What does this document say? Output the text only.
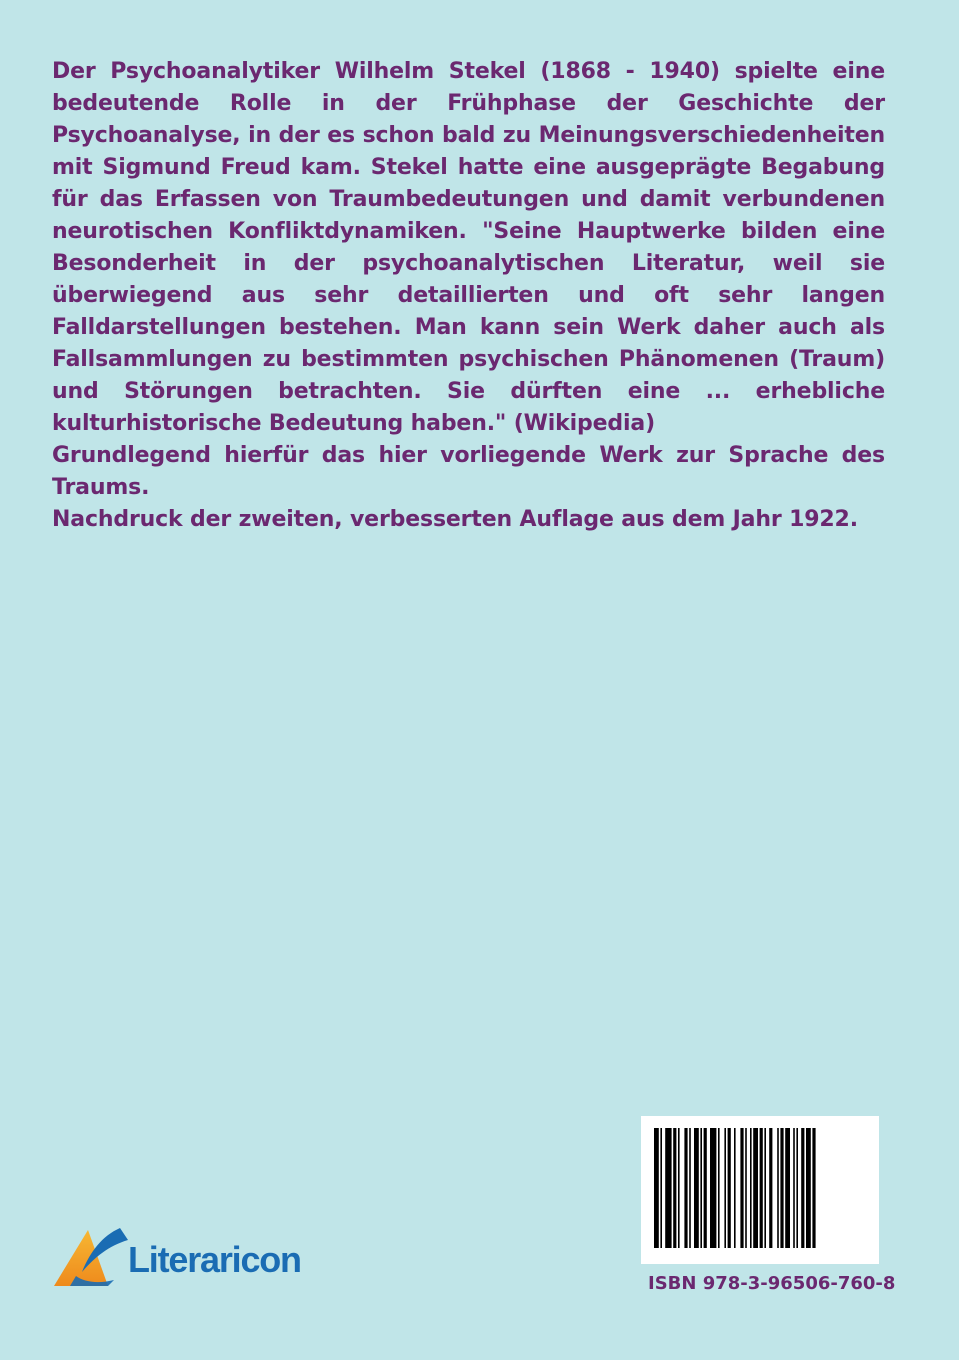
Der Psychoanalytiker Wilhelm Stekel (1868 - 1940) spielte eine bedeutende Rolle in der Frühphase der Geschichte der Psychoanalyse, in der es schon bald zu Meinungsverschiedenheiten mit Sigmund Freud kam. Stekel hatte eine ausgeprägte Begabung für das Erfassen von Traumbedeutungen und damit verbundenen neurotischen Konfliktdynamiken. "Seine Hauptwerke bilden eine Besonderheit in der psychoanalytischen Literatur, weil sie überwiegend aus sehr detaillierten und oft sehr langen Falldarstellungen bestehen. Man kann sein Werk daher auch als Fallsammlungen zu bestimmten psychischen Phänomenen (Traum) und Störungen betrachten. Sie dürften eine ... erhebliche kulturhistorische Bedeutung haben." (Wikipedia)

Grundlegend hierfür das hier vorliegende Werk zur Sprache des Traums.

Nachdruck der zweiten, verbesserten Auflage aus dem Jahr 1922.

Literaricon
ISBN 978-3-96506-760-8
